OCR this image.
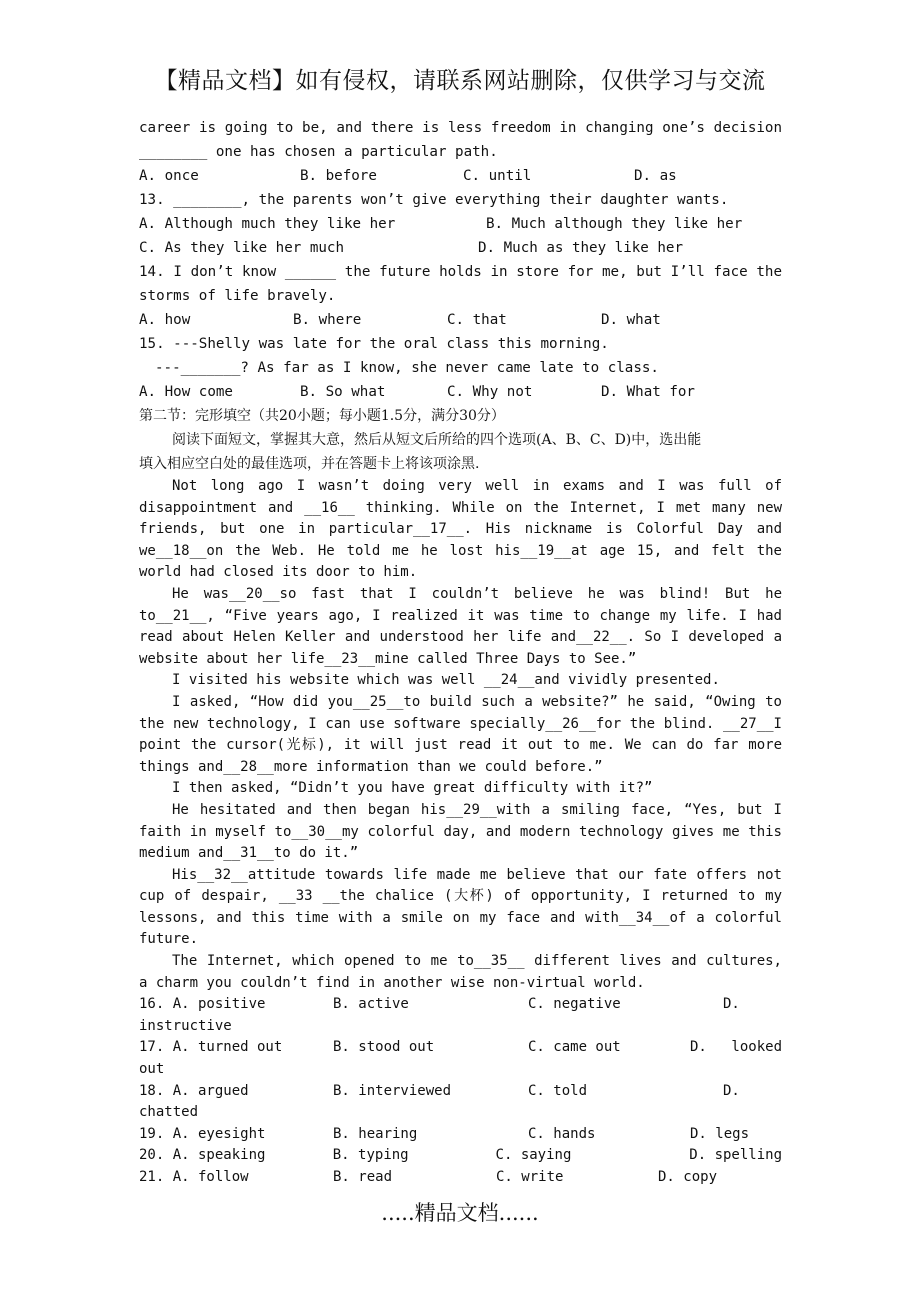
【精品文档】如有侵权，请联系网站删除，仅供学习与交流
career is going to be, and there is less freedom in changing one’s decision
________ one has chosen a particular path.
A. once	B. before	C. until	D. as
13. ________, the parents won’t give everything their daughter wants.
A. Although much they like her	B. Much although they like her
C. As they like her much	D. Much as they like her
14. I don’t know ______ the future holds in store for me, but I’ll face the
storms of life bravely.
A. how	B. where	C. that	D. what
15. ---Shelly was late for the oral class this morning.
---_______? As far as I know, she never came late to class.
A. How come	B. So what	C. Why not	D. What for
第二节：完形填空（共20小题；每小题1.5分，满分30分）
阅读下面短文，掌握其大意，然后从短文后所给的四个选项(A、B、C、D)中，选出能
填入相应空白处的最佳选项，并在答题卡上将该项涂黑.
Not long ago I wasn’t doing very well in exams and I was full of
disappointment and __16__ thinking. While on the Internet, I met many new
friends, but one in particular__17__. His nickname is Colorful Day and
we__18__on the Web. He told me he lost his__19__at age 15, and felt the
world had closed its door to him.
He was__20__so fast that I couldn’t believe he was blind! But he
to__21__, “Five years ago, I realized it was time to change my life. I had
read about Helen Keller and understood her life and__22__. So I developed a
website about her life__23__mine called Three Days to See.”
I visited his website which was well __24__and vividly presented.
I asked, “How did you__25__to build such a website?” he said, “Owing to
the new technology, I can use software specially__26__for the blind. __27__I
point the cursor(光标), it will just read it out to me. We can do far more
things and__28__more information than we could before.”
I then asked, “Didn’t you have great difficulty with it?”
He hesitated and then began his__29__with a smiling face, “Yes, but I
faith in myself to__30__my colorful day, and modern technology gives me this
medium and__31__to do it.”
His__32__attitude towards life made me believe that our fate offers not
cup of despair, __33 __the chalice (大杯) of opportunity, I returned to my
lessons, and this time with a smile on my face and with__34__of a colorful
future.
The Internet, which opened to me to__35__ different lives and cultures,
a charm you couldn’t find in another wise non-virtual world.
16. A. positive	B. active	C. negative	D.
instructive
17. A. turned out	B. stood out	C. came out	D. looked
out
18. A. argued	B. interviewed	C. told	D.
chatted
19. A. eyesight	B. hearing	C. hands	D. legs
20. A. speaking	B. typing	C. saying	D. spelling
21. A. follow	B. read	C. write	D. copy
.....精品文档......
